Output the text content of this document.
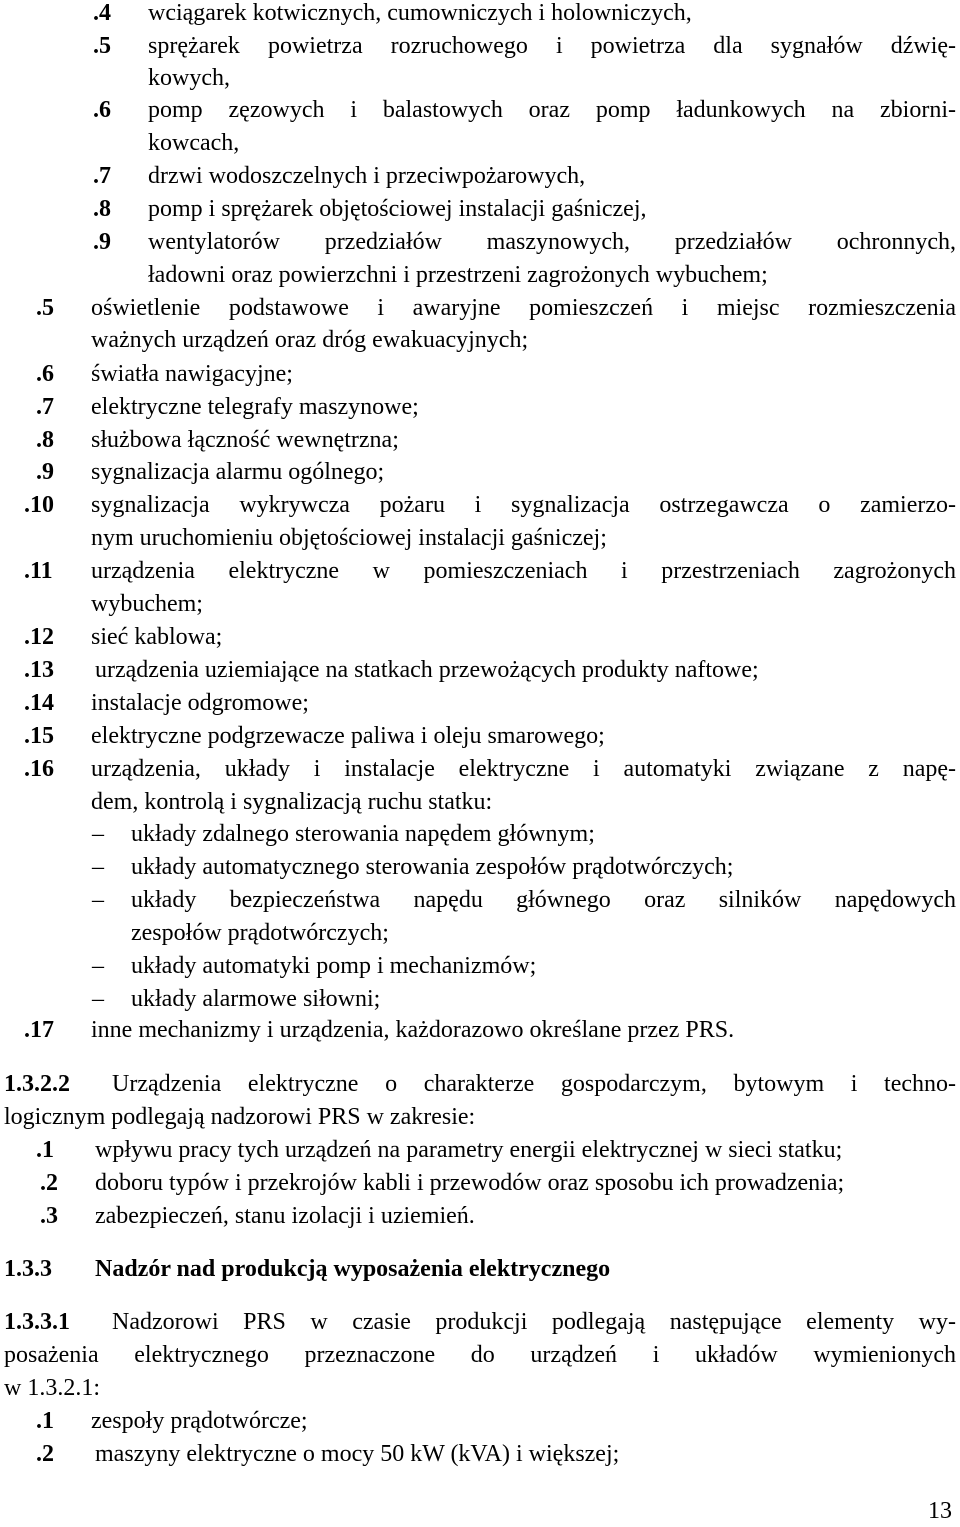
.4 wciągarek kotwicznych, cumowniczych i holowniczych,
.5 sprężarek powietrza rozruchowego i powietrza dla sygnałów dźwię-
kowych,
.6 pomp zęzowych i balastowych oraz pomp ładunkowych na zbiorni-
kowcach,
.7 drzwi wodoszczelnych i przeciwpożarowych,
.8 pomp i sprężarek objętościowej instalacji gaśniczej,
.9 wentylatorów przedziałów maszynowych, przedziałów ochronnych,
ładowni oraz powierzchni i przestrzeni zagrożonych wybuchem;
.5 oświetlenie podstawowe i awaryjne pomieszczeń i miejsc rozmieszczenia
ważnych urządzeń oraz dróg ewakuacyjnych;
.6 światła nawigacyjne;
.7 elektryczne telegrafy maszynowe;
.8 służbowa łączność wewnętrzna;
.9 sygnalizacja alarmu ogólnego;
.10 sygnalizacja wykrywcza pożaru i sygnalizacja ostrzegawcza o zamierzo-
nym uruchomieniu objętościowej instalacji gaśniczej;
.11 urządzenia elektryczne w pomieszczeniach i przestrzeniach zagrożonych
wybuchem;
.12 sieć kablowa;
.13 urządzenia uziemiające na statkach przewożących produkty naftowe;
.14 instalacje odgromowe;
.15 elektryczne podgrzewacze paliwa i oleju smarowego;
.16 urządzenia, układy i instalacje elektryczne i automatyki związane z napę-
dem, kontrolą i sygnalizacją ruchu statku:
– układy zdalnego sterowania napędem głównym;
– układy automatycznego sterowania zespołów prądotwórczych;
– układy bezpieczeństwa napędu głównego oraz silników napędowych
zespołów prądotwórczych;
– układy automatyki pomp i mechanizmów;
– układy alarmowe siłowni;
.17 inne mechanizmy i urządzenia, każdorazowo określane przez PRS.
1.3.2.2 Urządzenia elektryczne o charakterze gospodarczym, bytowym i techno-
logicznym podlegają nadzorowi PRS w zakresie:
.1 wpływu pracy tych urządzeń na parametry energii elektrycznej w sieci statku;
.2 doboru typów i przekrojów kabli i przewodów oraz sposobu ich prowadzenia;
.3 zabezpieczeń, stanu izolacji i uziemień.
1.3.3 Nadzór nad produkcją wyposażenia elektrycznego
1.3.3.1 Nadzorowi PRS w czasie produkcji podlegają następujące elementy wy-
posażenia elektrycznego przeznaczone do urządzeń i układów wymienionych
w 1.3.2.1:
.1 zespoły prądotwórcze;
.2 maszyny elektryczne o mocy 50 kW (kVA) i większej;
13
